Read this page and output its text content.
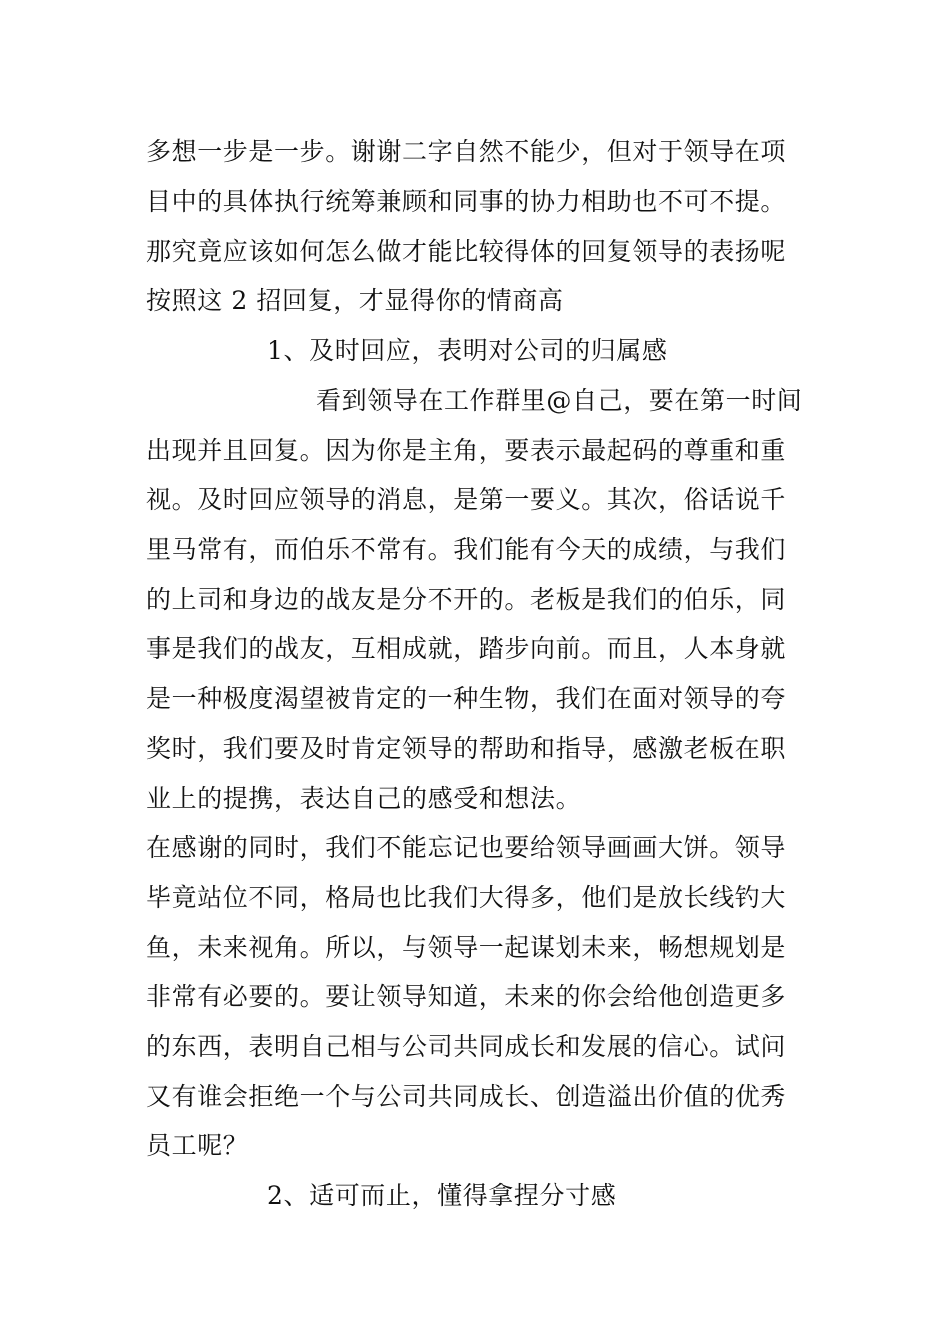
多想一步是一步。谢谢二字自然不能少，但对于领导在项
目中的具体执行统筹兼顾和同事的协力相助也不可不提。
那究竟应该如何怎么做才能比较得体的回复领导的表扬呢
按照这 2 招回复，才显得你的情商高
1、及时回应，表明对公司的归属感
看到领导在工作群里@自己，要在第一时间
出现并且回复。因为你是主角，要表示最起码的尊重和重
视。及时回应领导的消息，是第一要义。其次，俗话说千
里马常有，而伯乐不常有。我们能有今天的成绩，与我们
的上司和身边的战友是分不开的。老板是我们的伯乐，同
事是我们的战友，互相成就，踏步向前。而且，人本身就
是一种极度渴望被肯定的一种生物，我们在面对领导的夸
奖时，我们要及时肯定领导的帮助和指导，感激老板在职
业上的提携，表达自己的感受和想法。
在感谢的同时，我们不能忘记也要给领导画画大饼。领导
毕竟站位不同，格局也比我们大得多，他们是放长线钓大
鱼，未来视角。所以，与领导一起谋划未来，畅想规划是
非常有必要的。要让领导知道，未来的你会给他创造更多
的东西，表明自己相与公司共同成长和发展的信心。试问
又有谁会拒绝一个与公司共同成长、创造溢出价值的优秀
员工呢？
2、适可而止，懂得拿捏分寸感
